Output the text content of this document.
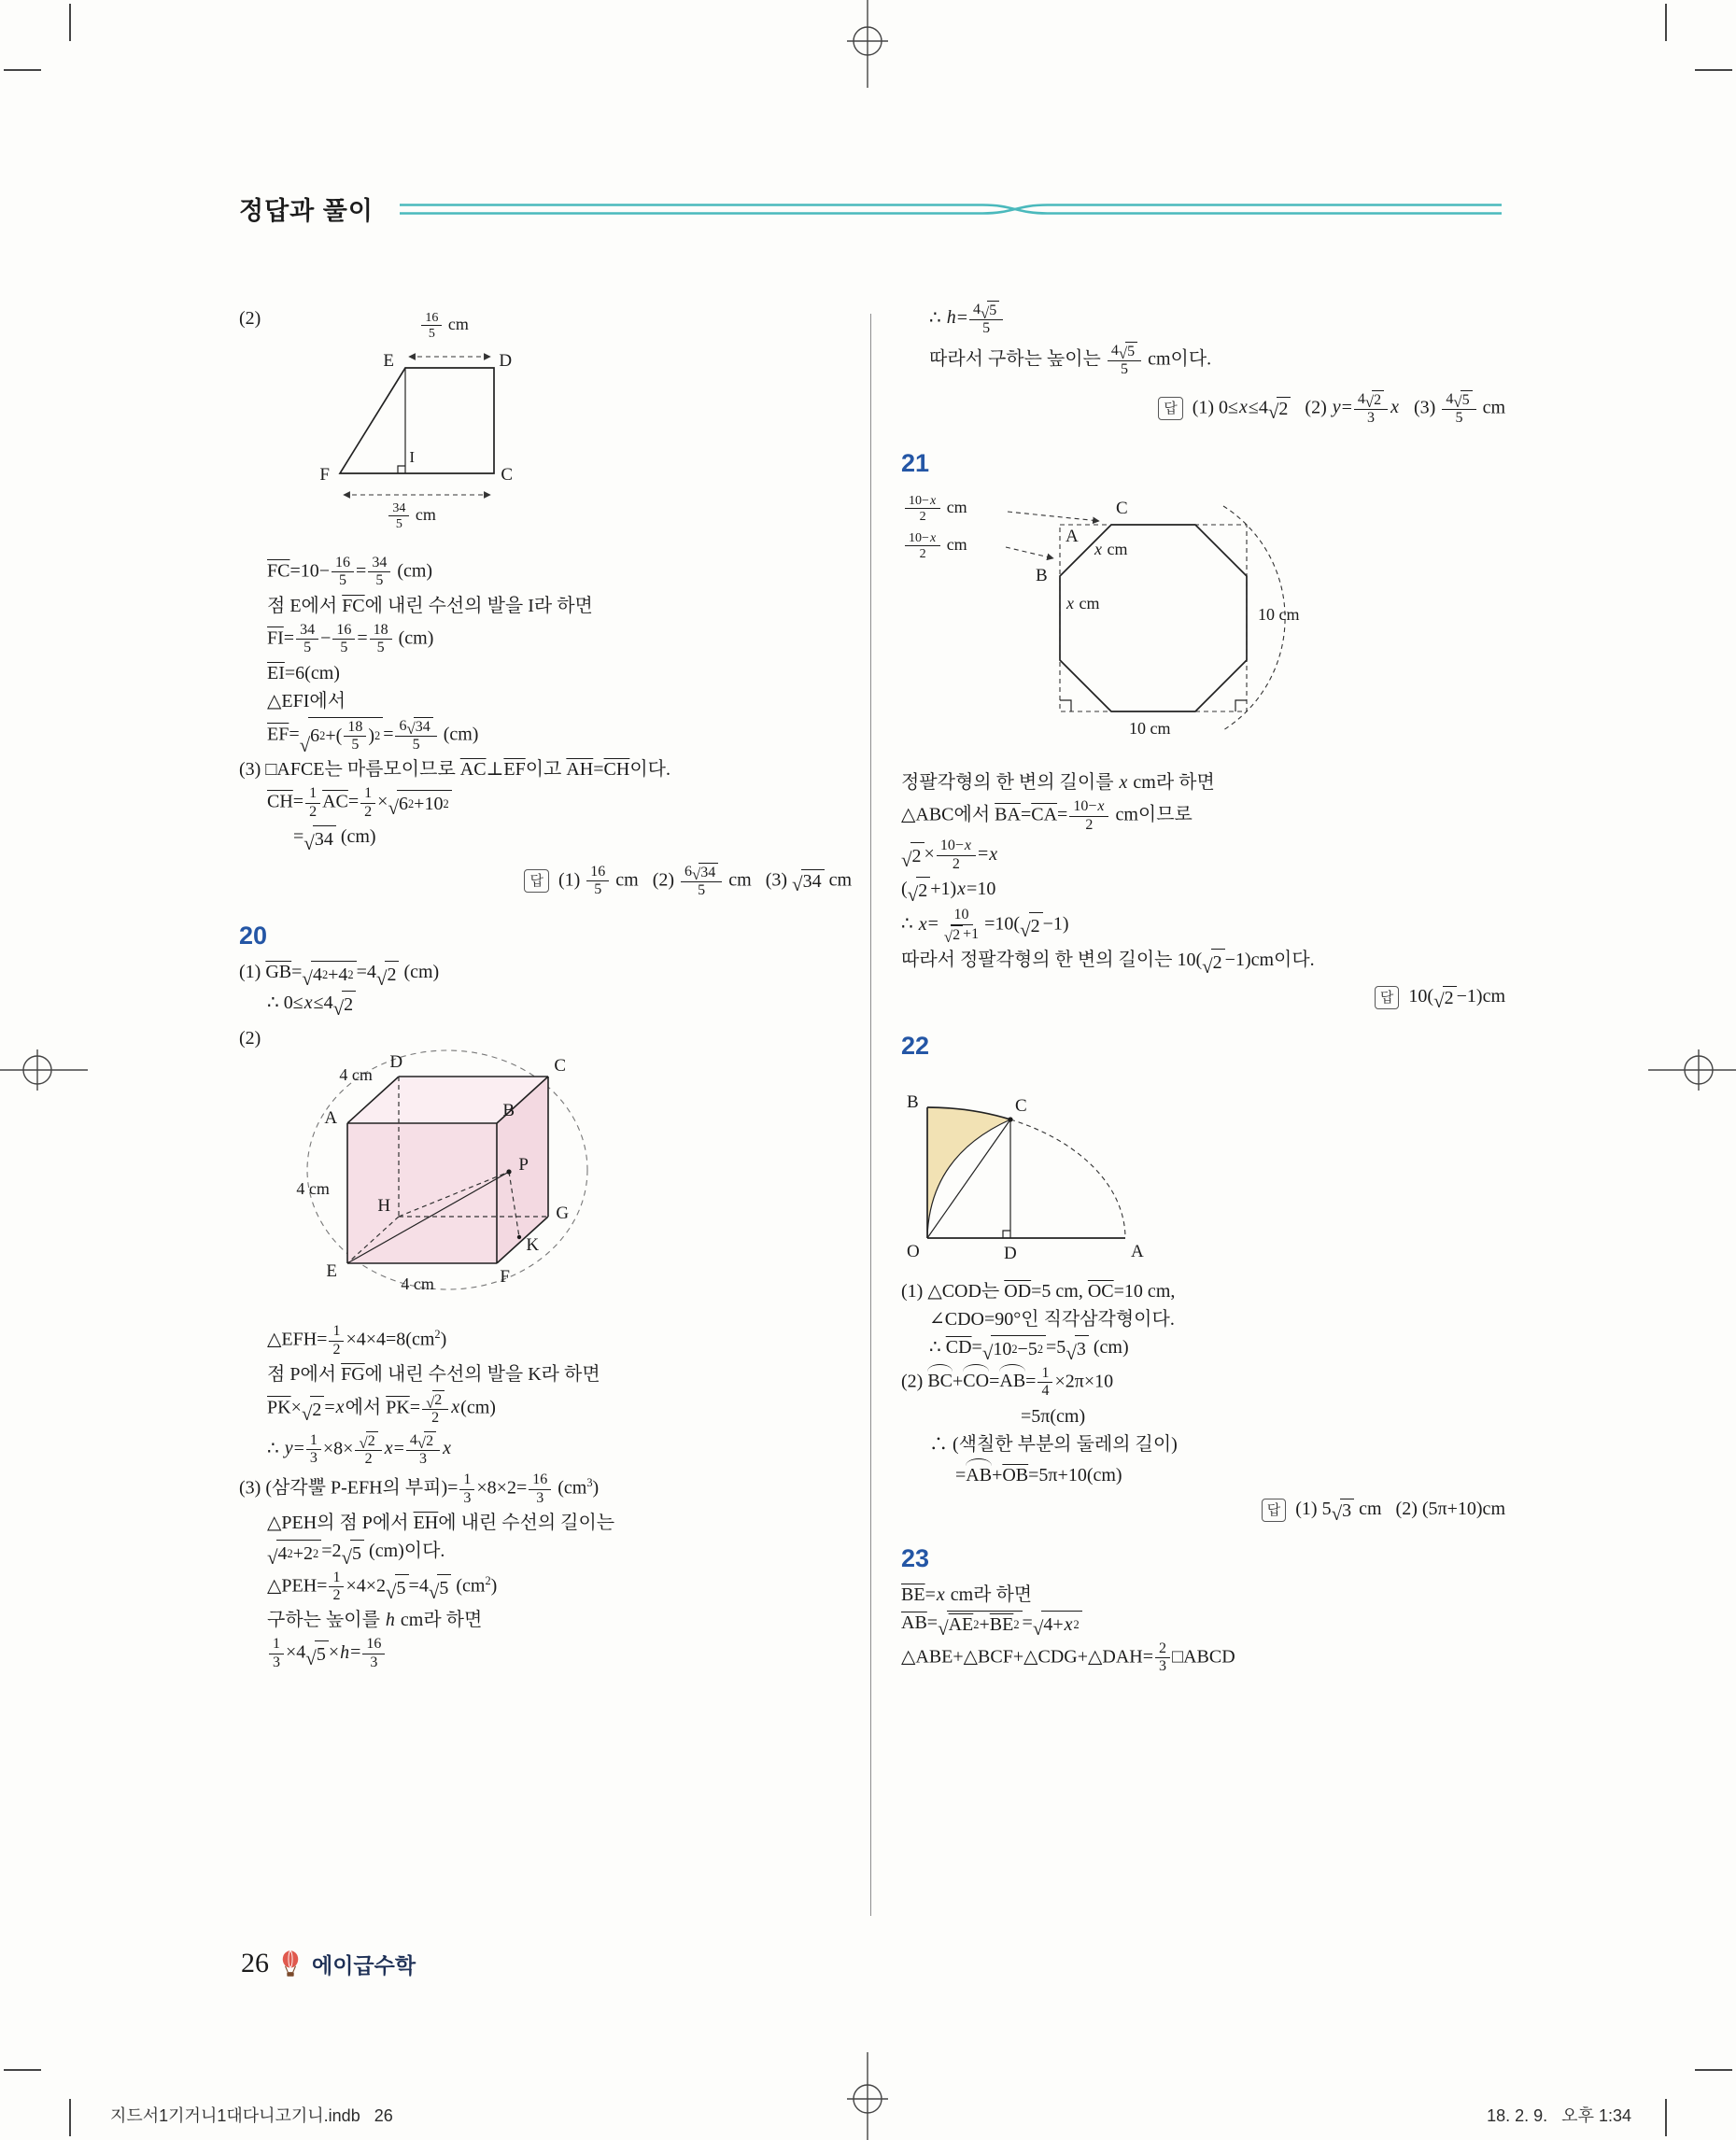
정답과 풀이
(2)	$\frac{16}{5}$ cm
$\frac{34}{5}$ cm
E	D
F	C
I
$\overline{FC}=10- \frac{16}{5} = \frac{34}{5} (cm)$
점 E에서 $\overline{FC}$에 내린 수선의 발을 I라 하면
$\overline{FI}= \frac{34}{5} - \frac{16}{5} = \frac{18}{5} (cm)$
$\overline{EI}=6(cm)$
△EFI에서
$\overline{EF}=$
√ 6 2 +( $\frac{18}{5}$ ) $2 = \frac{6 √ 34}{5} (cm)$
(3) □AFCE는 마름모이므로 $\overline{AC}\perp\overline{EF}$이고 $\overline{AH}=\overline{CH}$이다.
$\overline{CH}= \frac{1}{2} \overline{AC}= \frac{1}{2}$ × √ 6 2 +10 2
= √ 34 (cm)
답 $(1) \frac{16}{5}$ cm  $(2) \frac{6 √ 34}{5}$ cm  (3) √ 34 cm
20
(1) $\overline{GB}=$ √ 4 2 +4 2 =4 √ 2 (cm)
∴ 0≤x≤4 √ 2
(2)
4 cm
4 cm
4 cm
D	C
A	B
P
H	G
E
K
F
△EFH= $\frac{1}{2} \times 4\times 4=8(cm^2)$
점 P에서 $\overline{FG}$에 내린 수선의 발을 K라 하면
$\overline{PK}\times$ √ 2 =x에서 $\overline{PK}= \frac{√ 2}{2} x(cm)$
∴ $y= \frac{1}{3} \times 8\times \frac{√ 2}{2} x= \frac{4 √ 2}{3}$ x
(3) (삼각뿔 P-EFH의 부피)= $\frac{1}{3} \times 8\times 2= \frac{16}{3} (cm^3)$
△PEH의 점 P에서 $\overline{EH}$에 내린 수선의 길이는
√ 4 2 +2 2 =2 √ 5 (cm)이다.
△PEH= $\frac{1}{2} \times 4\times 2$ √ 5 =4 √ 5 $(cm^2)$
구하는 높이를 h cm라 하면
$\frac{1}{3} \times 4$ √ $5 \times h= \frac{16}{3}$
∴ $h= \frac{4 √ 5}{5}$
따라서 구하는 높이는 $\frac{4 √ 5}{5}$ cm이다.
답 (1) 0≤x≤4 √ 2   (2) $y= \frac{4 √ 2}{3}$ x  $(3) \frac{4 √ 5}{5}$ cm
21
$\frac{10-x}{2}$ cm
$\frac{10-x}{2}$ cm	A
C
B
x cm
x cm
10 cm
10 cm
정팔각형의 한 변의 길이를 x cm라 하면
△ABC에서 $\overline{BA}=\overline{CA}= \frac{10-x}{2}$ cm이므로
√ $2 \times \frac{10-x}{2} =x$
( √ 2 +1)x=10
∴ $x= \frac{10}{√ 2 +1} =10$( √ 2 −1)
따라서 정팔각형의 한 변의 길이는 10( √ 2 −1)cm이다.
답 10( √ 2 −1)cm
22
B	C
O	D	A
(1) △COD는 $\overline{OD}=5$ cm, $\overline{OC}=10$ cm,
∠CDO=90°인 직각삼각형이다.
∴ $\overline{CD}=$ √ 10 2 −5 2 =5 √ 3 (cm)
(2) $BC+CO=AB= \frac{1}{4} \times 2\pi\times 10$
=5π(cm)
∴ (색칠한 부분의 둘레의 길이)
$=AB+\overline{OB}=5\pi+10(cm)$
답 (1) 5 √ 3 cm  (2) (5π+10)cm
23
$\overline{BE}=x$ cm라 하면
$\overline{AB}=$ √ AE $2 + \overline{BE}$ 2 = √ 4+ x 2
△ABE+△BCF+△CDG+△DAH= $\frac{2}{3}$ □ABCD
26 에이급수학
지드서1기거니1대다니고기니.indb   26	18. 2. 9.   오후 1:34
